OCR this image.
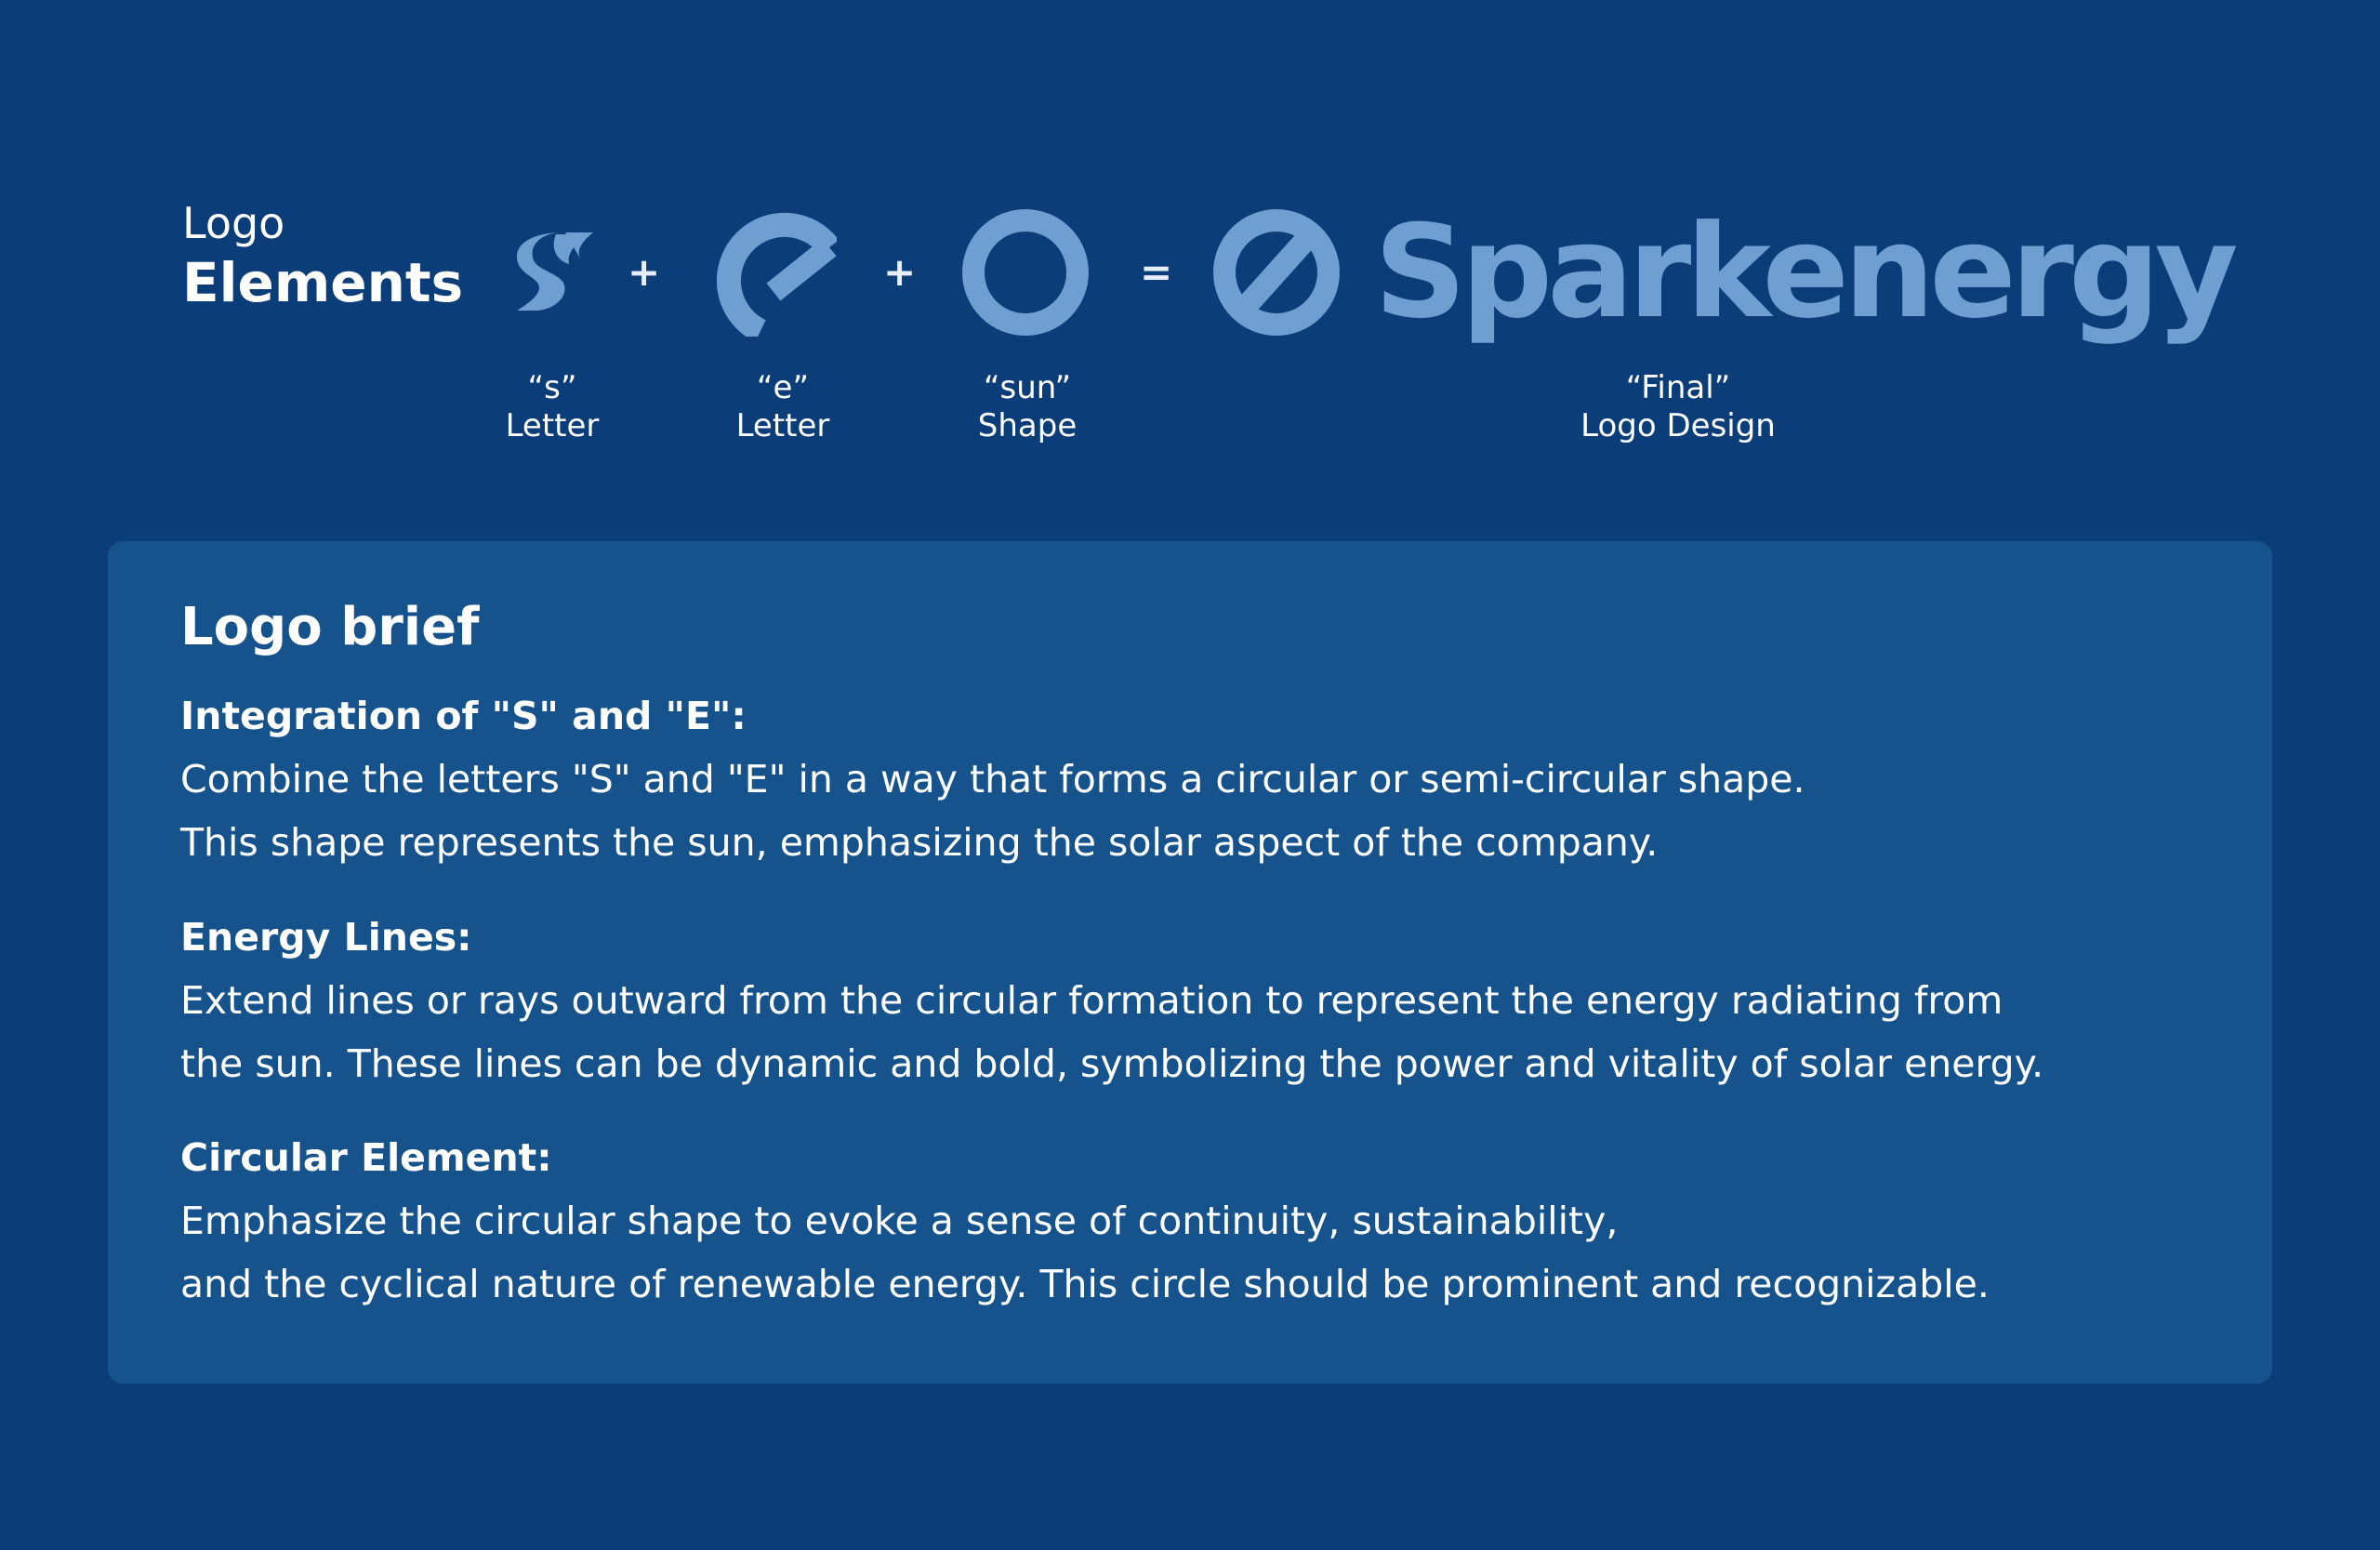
Logo
Elements	+	+	= Sparkenergy
“s”
Letter
“e”
Letter
“sun”
Shape
“Final”
Logo Design
Logo brief
Integration of "S" and "E":
Combine the letters "S" and "E" in a way that forms a circular or semi-circular shape.
This shape represents the sun, emphasizing the solar aspect of the company.
Energy Lines:
Extend lines or rays outward from the circular formation to represent the energy radiating from
the sun. These lines can be dynamic and bold, symbolizing the power and vitality of solar energy.
Circular Element:
Emphasize the circular shape to evoke a sense of continuity, sustainability,
and the cyclical nature of renewable energy. This circle should be prominent and recognizable.
